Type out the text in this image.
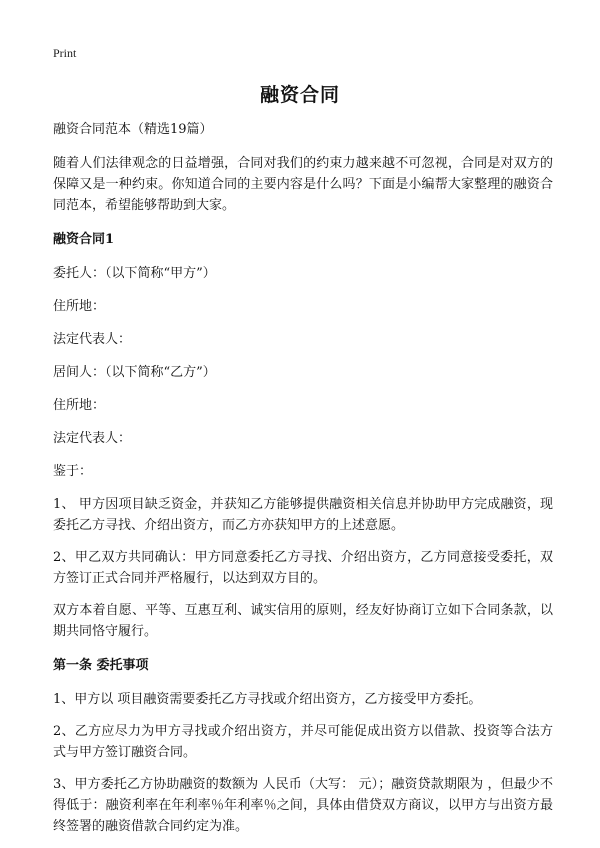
Print
融资合同

融资合同范本（精选19篇）

随着人们法律观念的日益增强，合同对我们的约束力越来越不可忽视，合同是对双方的保障又是一种约束。你知道合同的主要内容是什么吗？下面是小编帮大家整理的融资合同范本，希望能够帮助到大家。

融资合同1

委托人：（以下简称“甲方”）

住所地：

法定代表人：

居间人：（以下简称“乙方”）

住所地：

法定代表人：

鉴于：

1、 甲方因项目缺乏资金，并获知乙方能够提供融资相关信息并协助甲方完成融资，现委托乙方寻找、介绍出资方，而乙方亦获知甲方的上述意愿。

2、甲乙双方共同确认：甲方同意委托乙方寻找、介绍出资方，乙方同意接受委托，双方签订正式合同并严格履行，以达到双方目的。

双方本着自愿、平等、互惠互利、诚实信用的原则，经友好协商订立如下合同条款，以期共同恪守履行。

第一条 委托事项

1、甲方以 项目融资需要委托乙方寻找或介绍出资方，乙方接受甲方委托。

2、乙方应尽力为甲方寻找或介绍出资方，并尽可能促成出资方以借款、投资等合法方式与甲方签订融资合同。

3、甲方委托乙方协助融资的数额为 人民币（大写： 元）；融资贷款期限为 ，但最少不得低于：融资利率在年利率％年利率％之间，具体由借贷双方商议，以甲方与出资方最终签署的融资借款合同约定为准。
